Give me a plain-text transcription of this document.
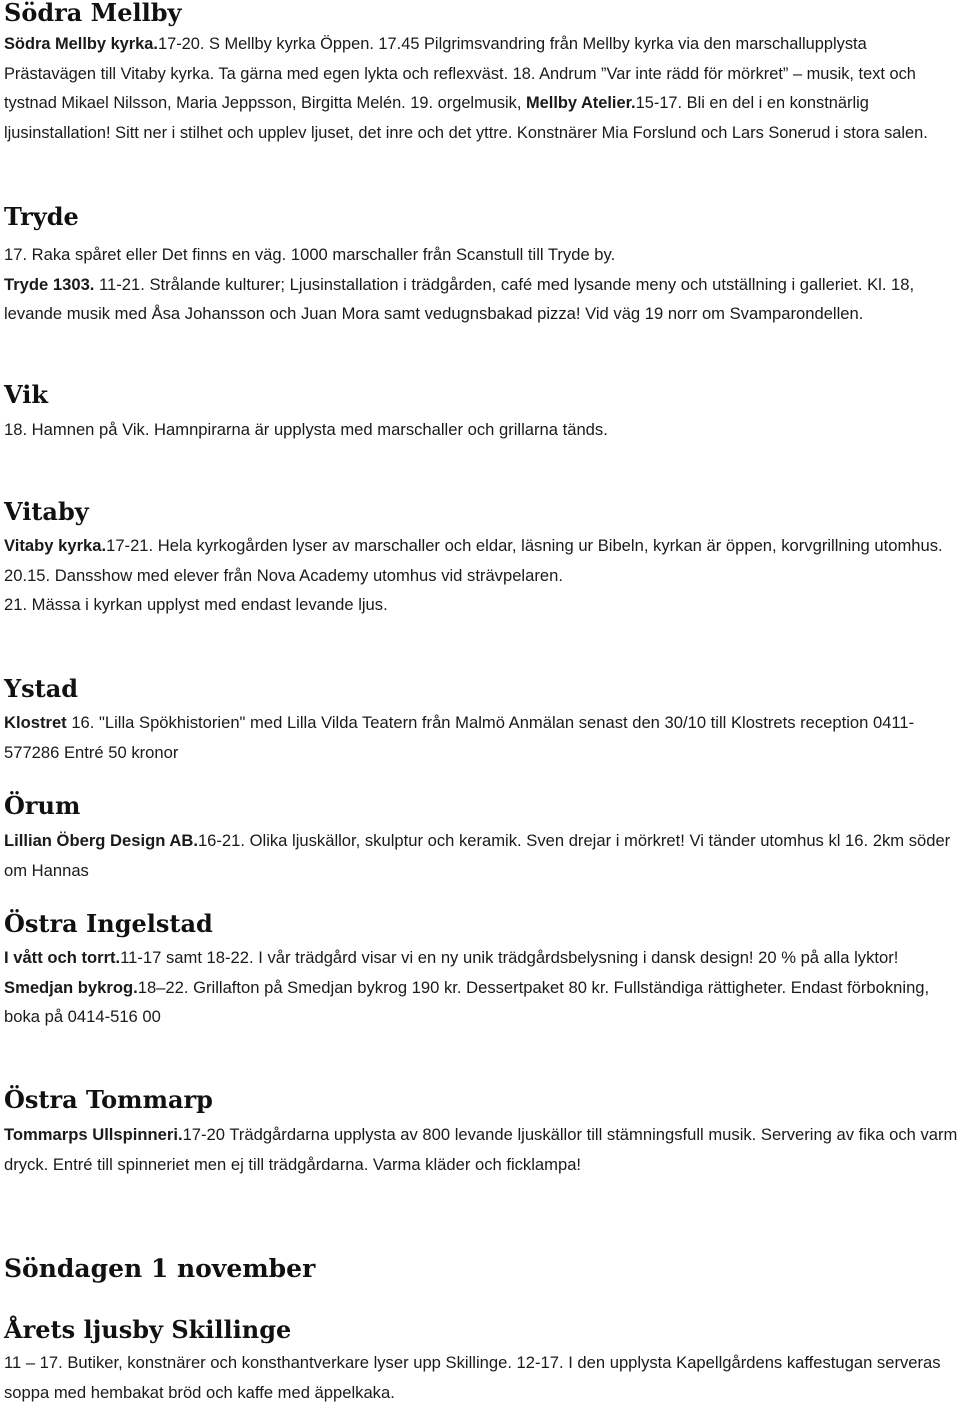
Södra Mellby

Södra Mellby kyrka.17-20. S Mellby kyrka Öppen. 17.45 Pilgrimsvandring från Mellby kyrka via den marschallupplysta Prästavägen till Vitaby kyrka. Ta gärna med egen lykta och reflexväst. 18. Andrum ”Var inte rädd för mörkret” – musik, text och tystnad Mikael Nilsson, Maria Jeppsson, Birgitta Melén. 19. orgelmusik, Mellby Atelier.15-17. Bli en del i en konstnärlig ljusinstallation! Sitt ner i stilhet och upplev ljuset, det inre och det yttre. Konstnärer Mia Forslund och Lars Sonerud i stora salen.

Tryde

17. Raka spåret eller Det finns en väg. 1000 marschaller från Scanstull till Tryde by.
Tryde 1303. 11-21. Strålande kulturer; Ljusinstallation i trädgården, café med lysande meny och utställning i galleriet. Kl. 18, levande musik med Åsa Johansson och Juan Mora samt vedugnsbakad pizza! Vid väg 19 norr om Svamparondellen.

Vik

18. Hamnen på Vik. Hamnpirarna är upplysta med marschaller och grillarna tänds.

Vitaby

Vitaby kyrka.17-21. Hela kyrkogården lyser av marschaller och eldar, läsning ur Bibeln, kyrkan är öppen, korvgrillning utomhus.
20.15. Dansshow med elever från Nova Academy utomhus vid strävpelaren.
21. Mässa i kyrkan upplyst med endast levande ljus.

Ystad

Klostret 16. "Lilla Spökhistorien" med Lilla Vilda Teatern från Malmö Anmälan senast den 30/10 till Klostrets reception 0411-577286 Entré 50 kronor

Örum

Lillian Öberg Design AB.16-21. Olika ljuskällor, skulptur och keramik. Sven drejar i mörkret! Vi tänder utomhus kl 16. 2km söder om Hannas

Östra Ingelstad

I vått och torrt.11-17 samt 18-22. I vår trädgård visar vi en ny unik trädgårdsbelysning i dansk design! 20 % på alla lyktor!
Smedjan bykrog.18–22. Grillafton på Smedjan bykrog 190 kr. Dessertpaket 80 kr. Fullständiga rättigheter. Endast förbokning, boka på 0414-516 00

Östra Tommarp

Tommarps Ullspinneri.17-20 Trädgårdarna upplysta av 800 levande ljuskällor till stämningsfull musik. Servering av fika och varm dryck. Entré till spinneriet men ej till trädgårdarna. Varma kläder och ficklampa!

Söndagen 1 november
Årets ljusby Skillinge

11 – 17. Butiker, konstnärer och konsthantverkare lyser upp Skillinge. 12-17. I den upplysta Kapellgårdens kaffestugan serveras soppa med hembakat bröd och kaffe med äppelkaka.
